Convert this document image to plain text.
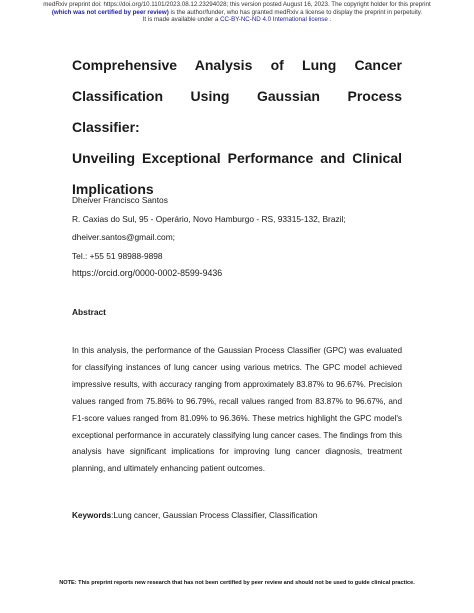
medRxiv preprint doi: https://doi.org/10.1101/2023.08.12.23294028; this version posted August 16, 2023. The copyright holder for this preprint
(which was not certified by peer review) is the author/funder, who has granted medRxiv a license to display the preprint in perpetuity.
It is made available under a CC-BY-NC-ND 4.0 International license .
Comprehensive Analysis of Lung Cancer
Classification Using Gaussian Process Classifier:
Unveiling Exceptional Performance and Clinical
Implications
Dheiver Francisco Santos
R. Caxias do Sul, 95 - Operário, Novo Hamburgo - RS, 93315-132, Brazil;
dheiver.santos@gmail.com;
Tel.: +55 51 98988-9898
https://orcid.org/0000-0002-8599-9436
Abstract

In this analysis, the performance of the Gaussian Process Classifier (GPC) was evaluated for classifying instances of lung cancer using various metrics. The GPC model achieved impressive results, with accuracy ranging from approximately 83.87% to 96.67%. Precision values ranged from 75.86% to 96.79%, recall values ranged from 83.87% to 96.67%, and F1-score values ranged from 81.09% to 96.36%. These metrics highlight the GPC model's exceptional performance in accurately classifying lung cancer cases. The findings from this analysis have significant implications for improving lung cancer diagnosis, treatment planning, and ultimately enhancing patient outcomes.

Keywords:Lung cancer, Gaussian Process Classifier, Classification
NOTE: This preprint reports new research that has not been certified by peer review and should not be used to guide clinical practice.
